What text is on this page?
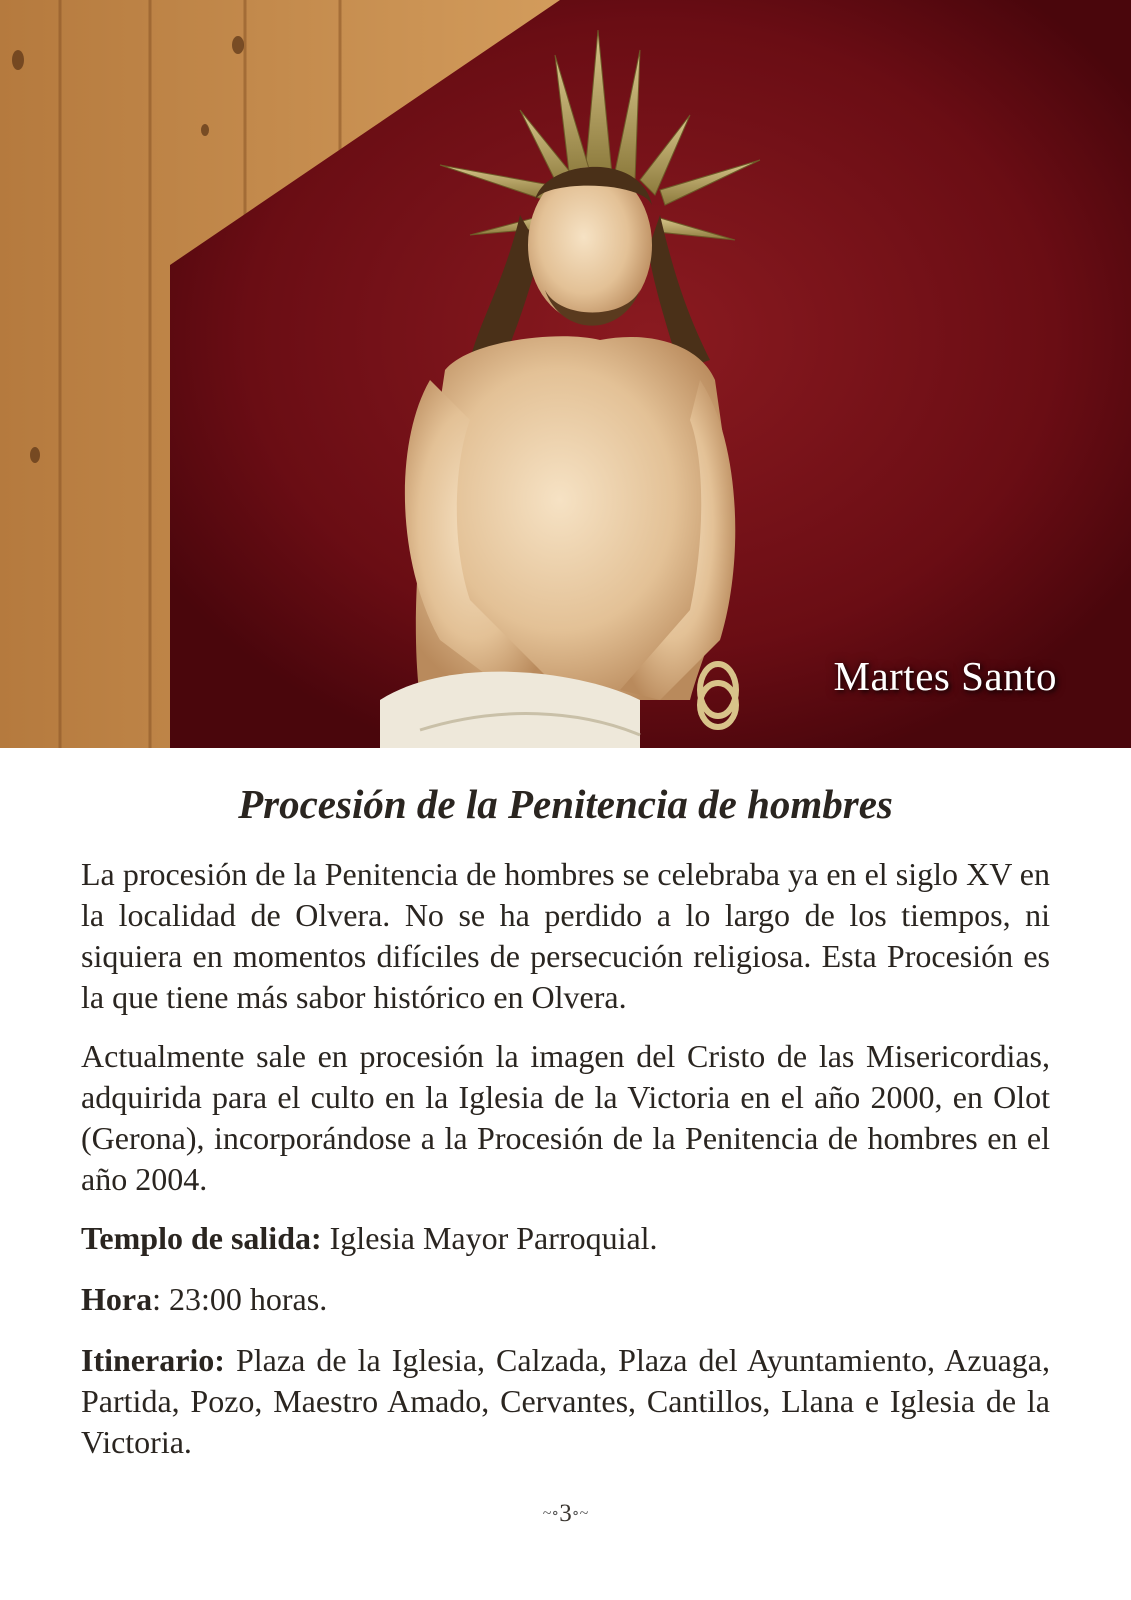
Martes Santo
Procesión de la Penitencia de hombres

La procesión de la Penitencia de hombres se celebraba ya en el siglo XV en la localidad de Olvera. No se ha perdido a lo largo de los tiempos, ni siquiera en momentos difíciles de persecución religiosa. Esta Procesión es la que tiene más sabor histórico en Olvera.

Actualmente sale en procesión la imagen del Cristo de las Misericordias, adquirida para el culto en la Iglesia de la Victoria en el año 2000, en Olot (Gerona), incorporándose a la Procesión de la Penitencia de hombres en el año 2004.

Templo de salida: Iglesia Mayor Parroquial.

Hora: 23:00 horas.

Itinerario: Plaza de la Iglesia, Calzada, Plaza del Ayuntamiento, Azuaga, Partida, Pozo, Maestro Amado, Cervantes, Cantillos, Llana e Iglesia de la Victoria.

~∘3∘~
